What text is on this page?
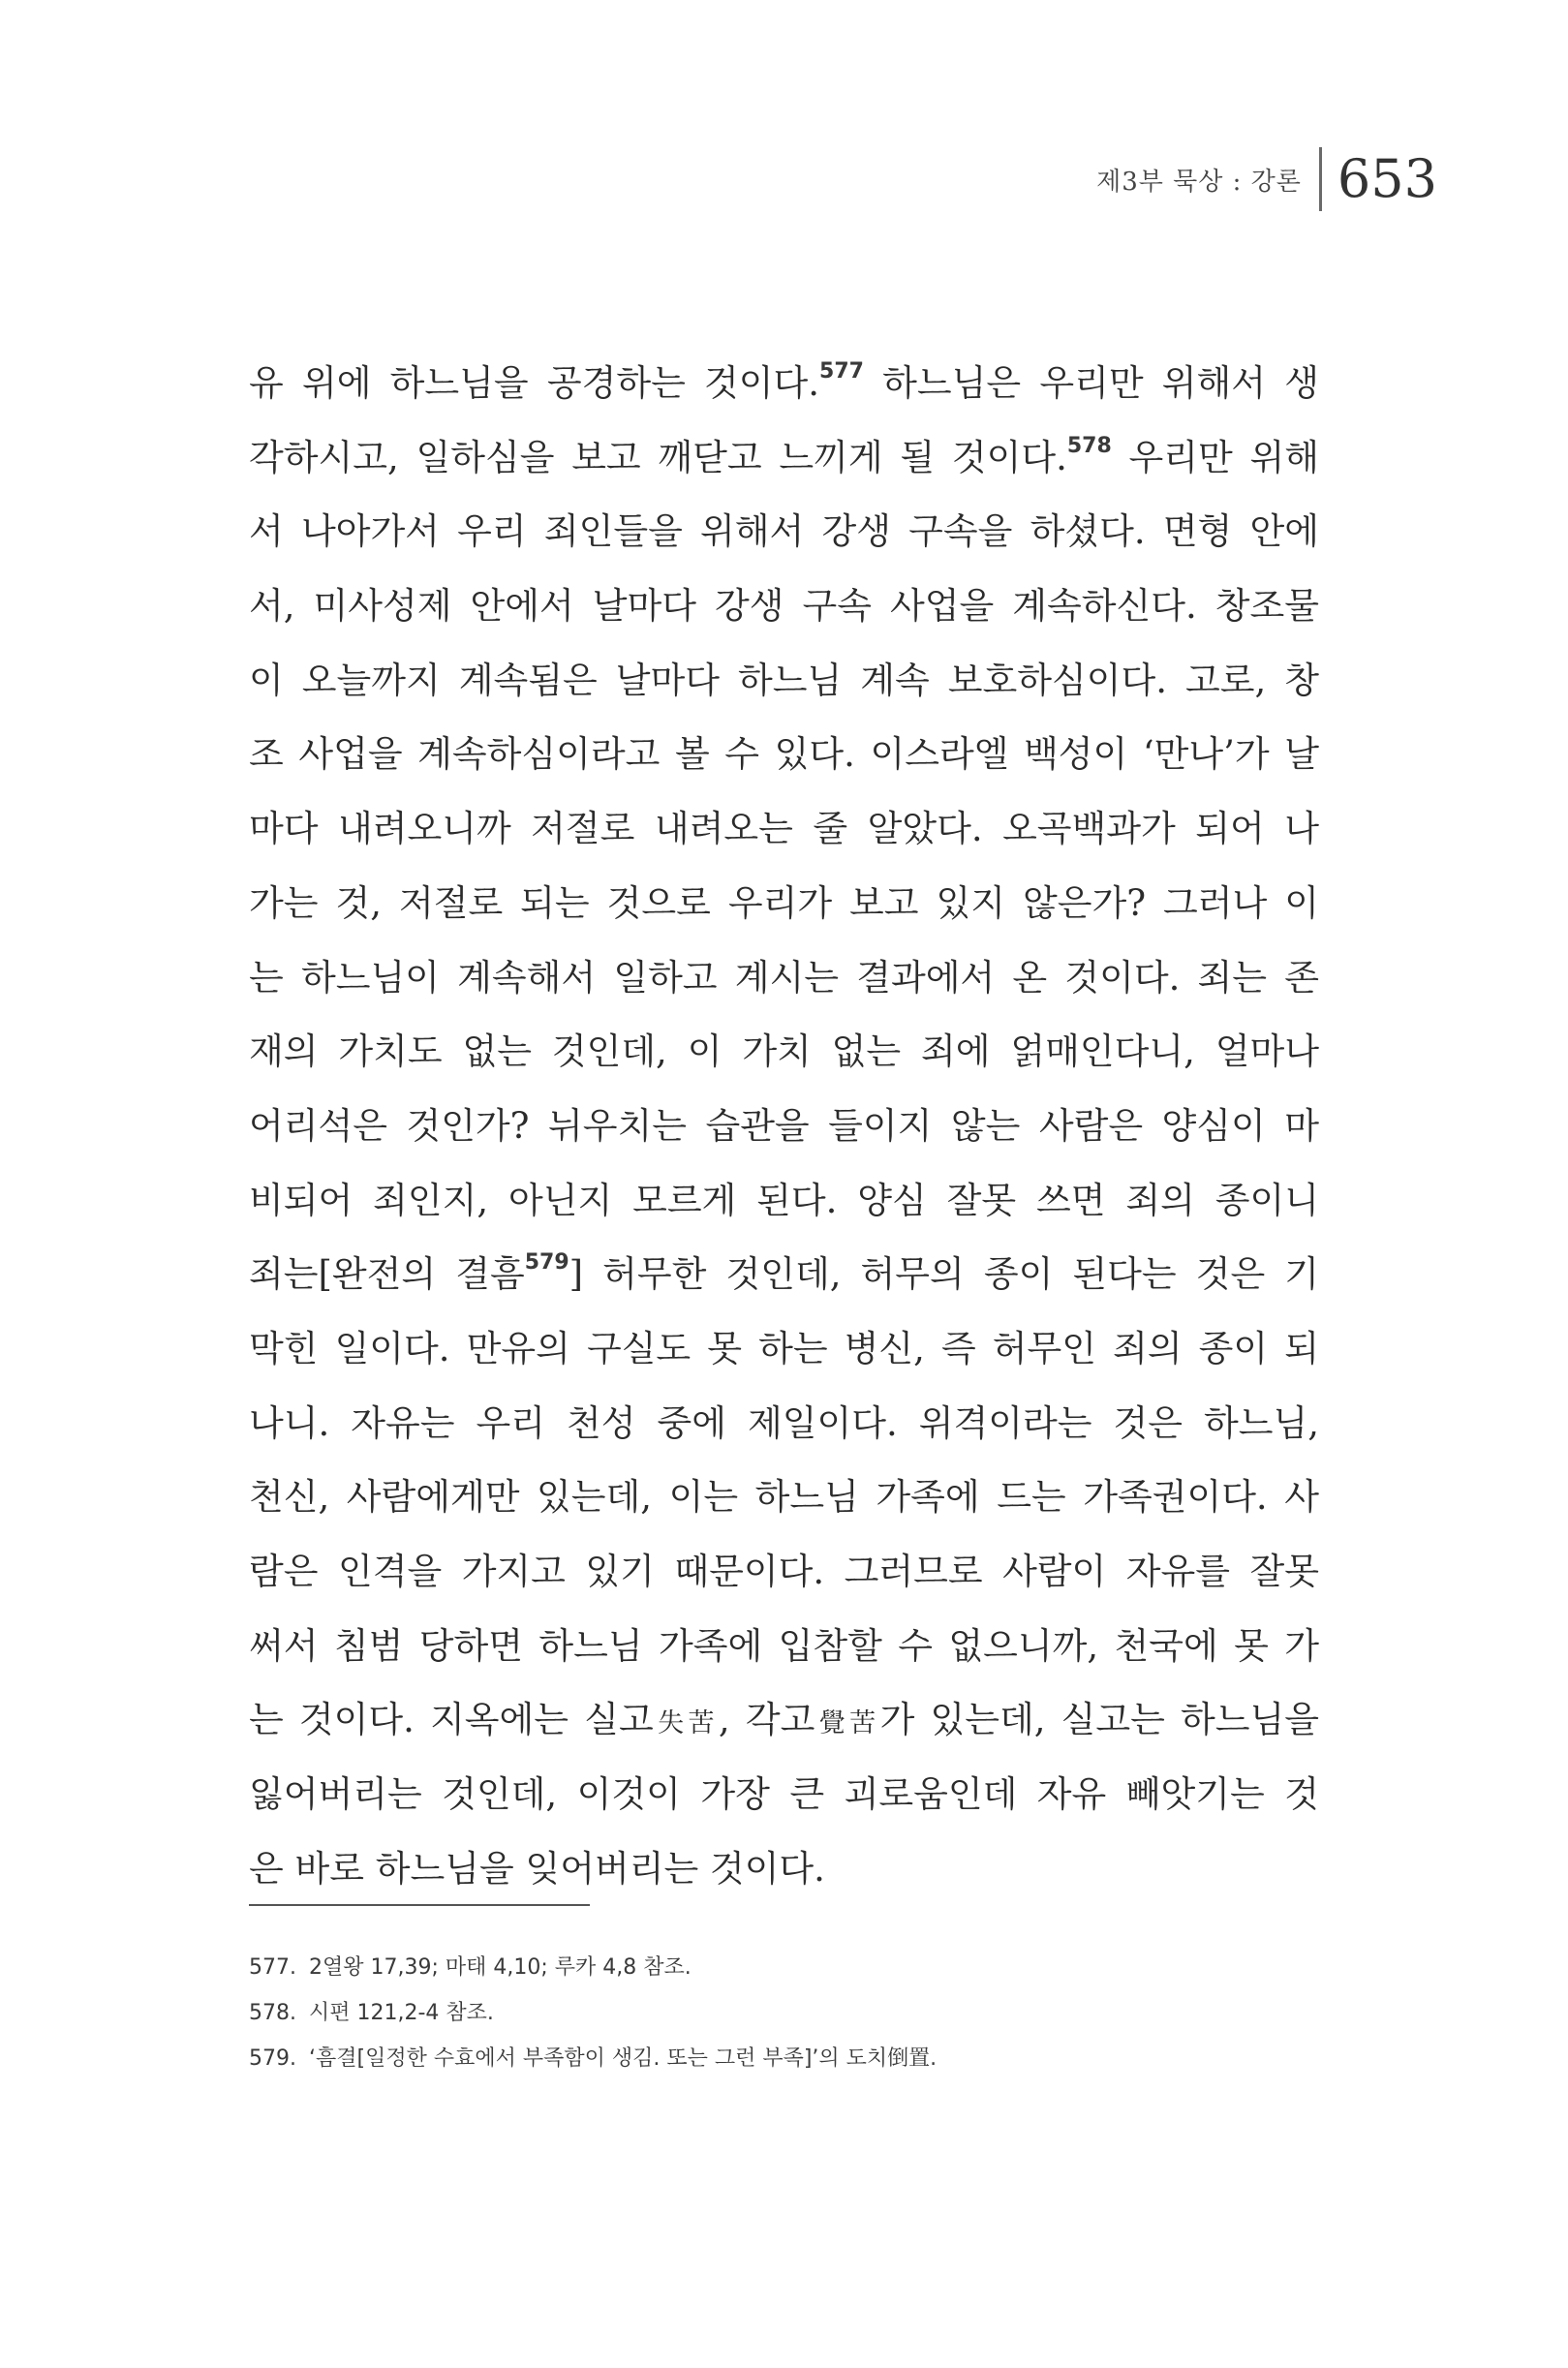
제3부 묵상 : 강론 653
유 위에 하느님을 공경하는 것이다.$^{577}$ 하느님은 우리만 위해서 생
각하시고, 일하심을 보고 깨닫고 느끼게 될 것이다.$^{578}$ 우리만 위해
서 나아가서 우리 죄인들을 위해서 강생 구속을 하셨다. 면형 안에
서, 미사성제 안에서 날마다 강생 구속 사업을 계속하신다. 창조물
이 오늘까지 계속됨은 날마다 하느님 계속 보호하심이다. 고로, 창
조 사업을 계속하심이라고 볼 수 있다. 이스라엘 백성이 ‘만나’가 날
마다 내려오니까 저절로 내려오는 줄 알았다. 오곡백과가 되어 나
가는 것, 저절로 되는 것으로 우리가 보고 있지 않은가? 그러나 이
는 하느님이 계속해서 일하고 계시는 결과에서 온 것이다. 죄는 존
재의 가치도 없는 것인데, 이 가치 없는 죄에 얽매인다니, 얼마나
어리석은 것인가? 뉘우치는 습관을 들이지 않는 사람은 양심이 마
비되어 죄인지, 아닌지 모르게 된다. 양심 잘못 쓰면 죄의 종이니
죄는[완전의 결흠$^{579}$] 허무한 것인데, 허무의 종이 된다는 것은 기
막힌 일이다. 만유의 구실도 못 하는 병신, 즉 허무인 죄의 종이 되
나니. 자유는 우리 천성 중에 제일이다. 위격이라는 것은 하느님,
천신, 사람에게만 있는데, 이는 하느님 가족에 드는 가족권이다. 사
람은 인격을 가지고 있기 때문이다. 그러므로 사람이 자유를 잘못
써서 침범 당하면 하느님 가족에 입참할 수 없으니까, 천국에 못 가
는 것이다. 지옥에는 실고失苦, 각고覺苦가 있는데, 실고는 하느님을
잃어버리는 것인데, 이것이 가장 큰 괴로움인데 자유 빼앗기는 것
은 바로 하느님을 잊어버리는 것이다.
577. 2열왕 17,39; 마태 4,10; 루카 4,8 참조.
578. 시편 121,2-4 참조.
579. ‘흠결[일정한 수효에서 부족함이 생김. 또는 그런 부족]’의 도치倒置.
